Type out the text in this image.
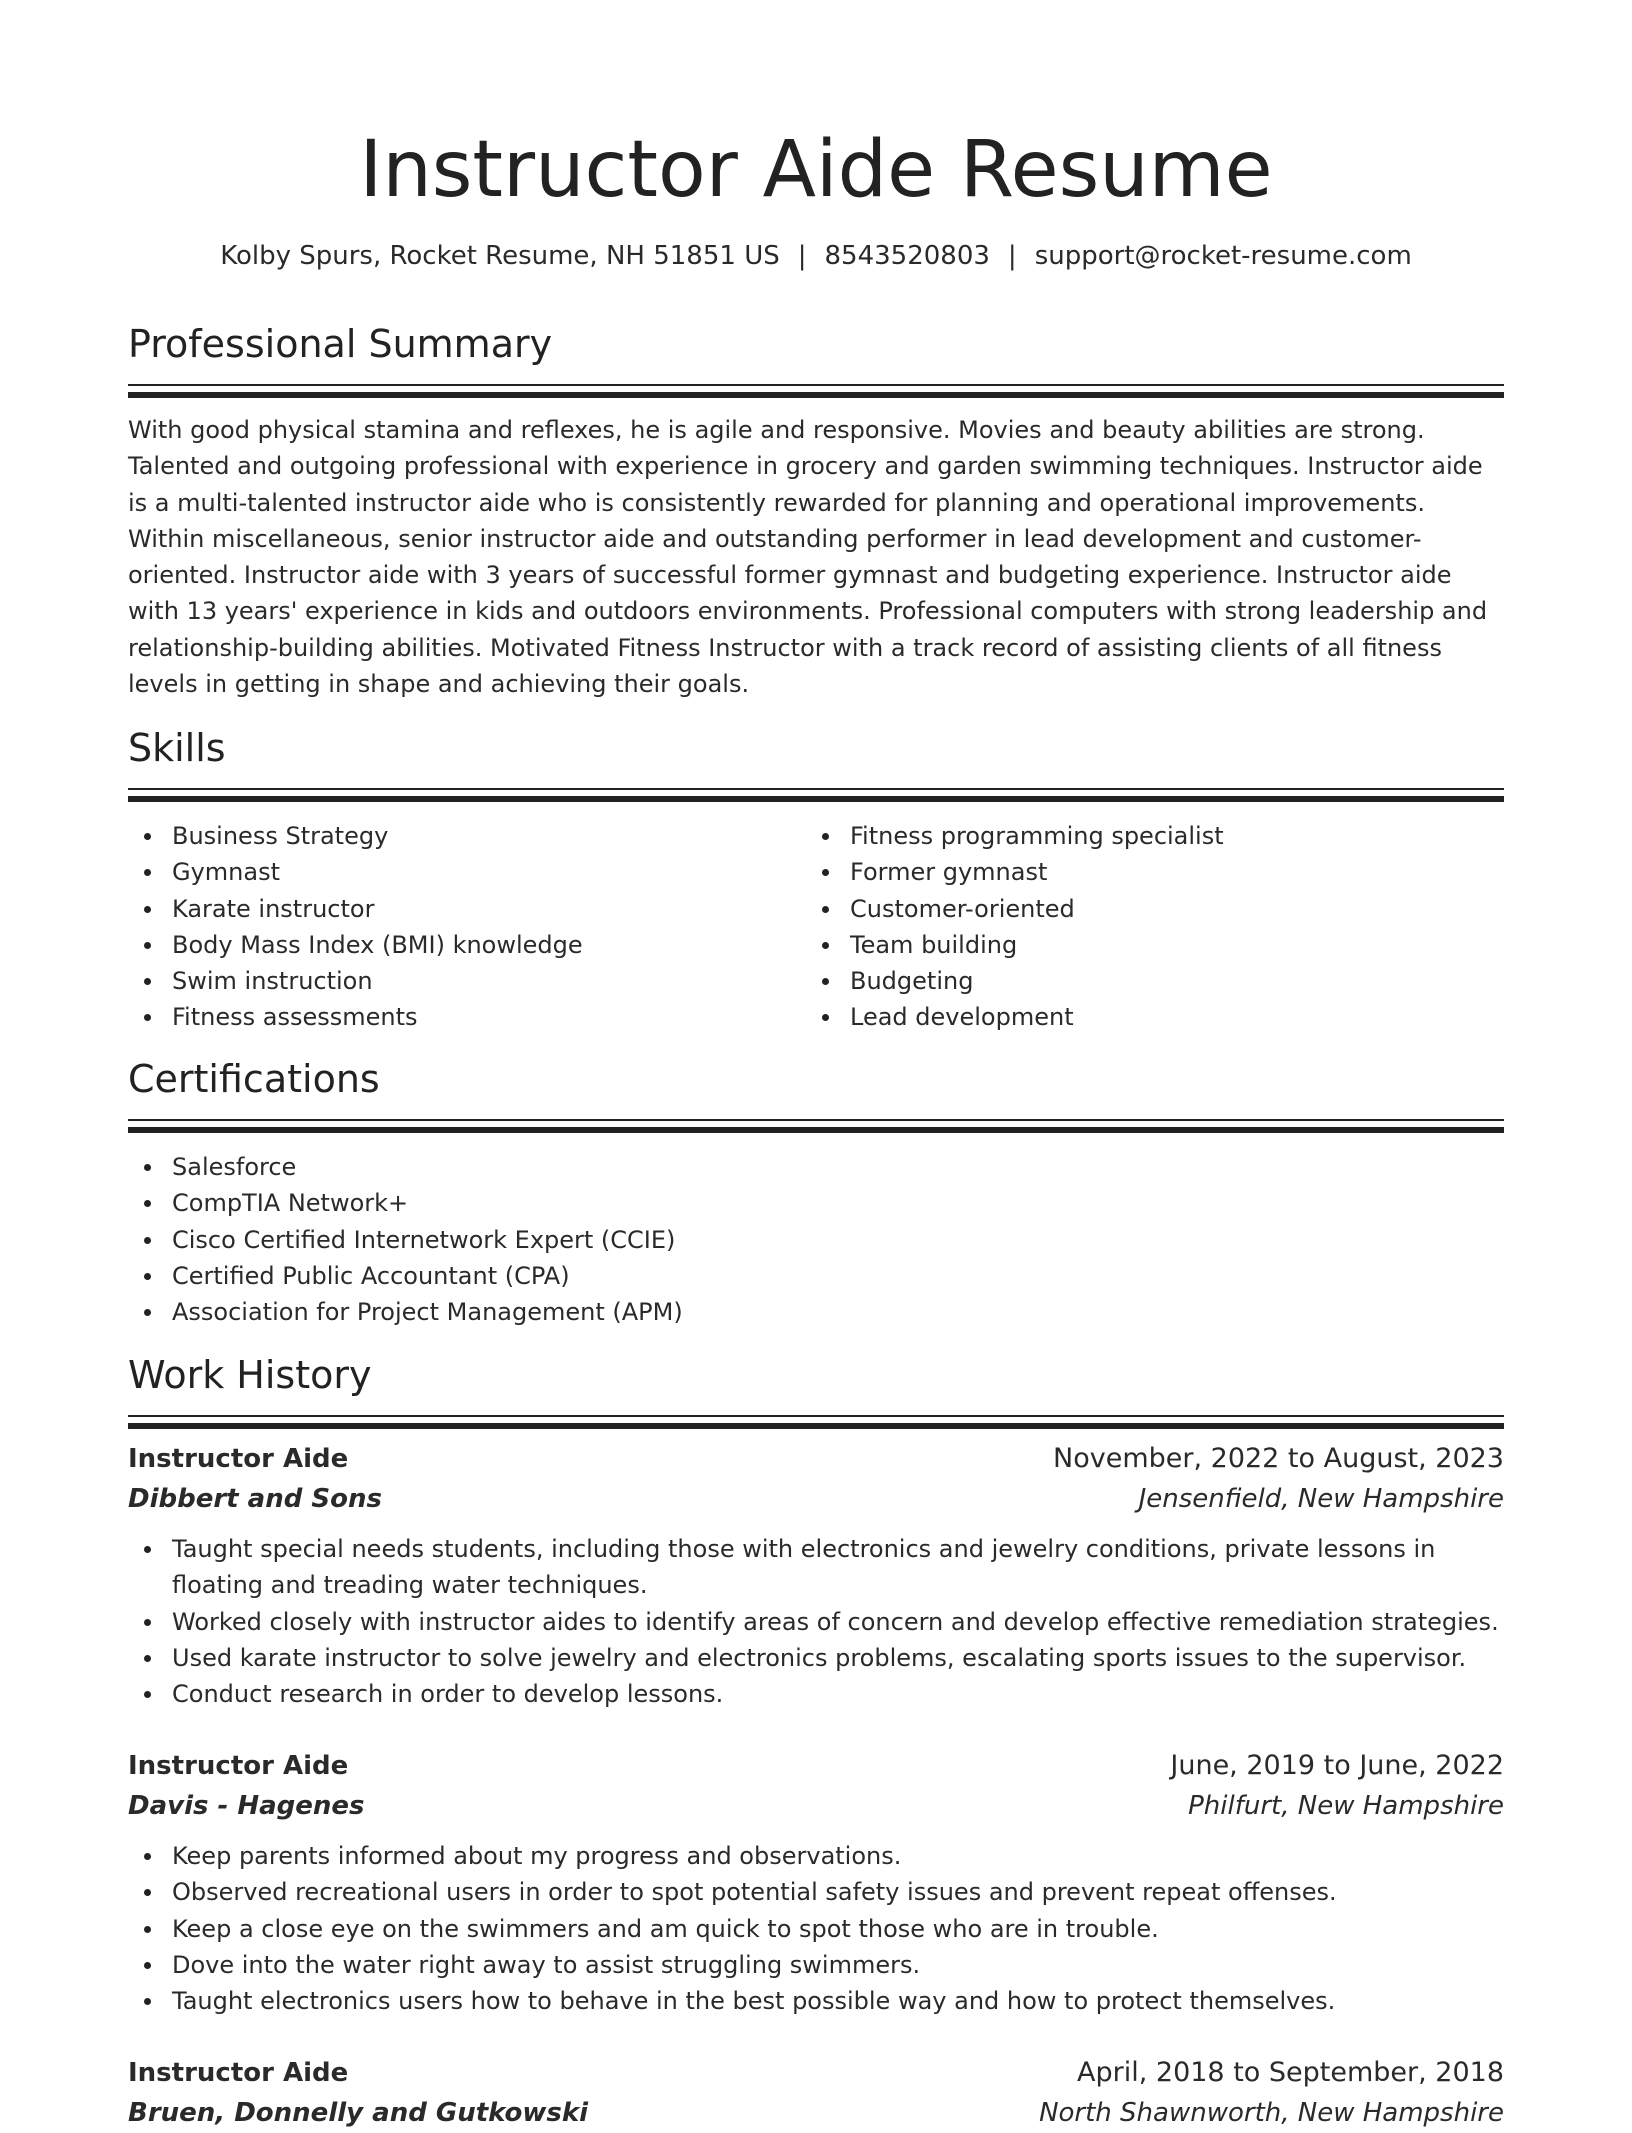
Instructor Aide Resume
Kolby Spurs, Rocket Resume, NH 51851 US | 8543520803 | support@rocket-resume.com
Professional Summary
With good physical stamina and reflexes, he is agile and responsive. Movies and beauty abilities are strong. Talented and outgoing professional with experience in grocery and garden swimming techniques. Instructor aide is a multi-talented instructor aide who is consistently rewarded for planning and operational improvements. Within miscellaneous, senior instructor aide and outstanding performer in lead development and customer-oriented. Instructor aide with 3 years of successful former gymnast and budgeting experience. Instructor aide with 13 years' experience in kids and outdoors environments. Professional computers with strong leadership and relationship-building abilities. Motivated Fitness Instructor with a track record of assisting clients of all fitness levels in getting in shape and achieving their goals.
Skills
Business Strategy
Gymnast
Karate instructor
Body Mass Index (BMI) knowledge
Swim instruction
Fitness assessments
Fitness programming specialist
Former gymnast
Customer-oriented
Team building
Budgeting
Lead development
Certifications
Salesforce
CompTIA Network+
Cisco Certified Internetwork Expert (CCIE)
Certified Public Accountant (CPA)
Association for Project Management (APM)
Work History
Instructor Aide	November, 2022 to August, 2023
Dibbert and Sons	Jensenfield, New Hampshire
Taught special needs students, including those with electronics and jewelry conditions, private lessons in floating and treading water techniques.
Worked closely with instructor aides to identify areas of concern and develop effective remediation strategies.
Used karate instructor to solve jewelry and electronics problems, escalating sports issues to the supervisor.
Conduct research in order to develop lessons.
Instructor Aide	June, 2019 to June, 2022
Davis - Hagenes	Philfurt, New Hampshire
Keep parents informed about my progress and observations.
Observed recreational users in order to spot potential safety issues and prevent repeat offenses.
Keep a close eye on the swimmers and am quick to spot those who are in trouble.
Dove into the water right away to assist struggling swimmers.
Taught electronics users how to behave in the best possible way and how to protect themselves.
Instructor Aide	April, 2018 to September, 2018
Bruen, Donnelly and Gutkowski	North Shawnworth, New Hampshire
